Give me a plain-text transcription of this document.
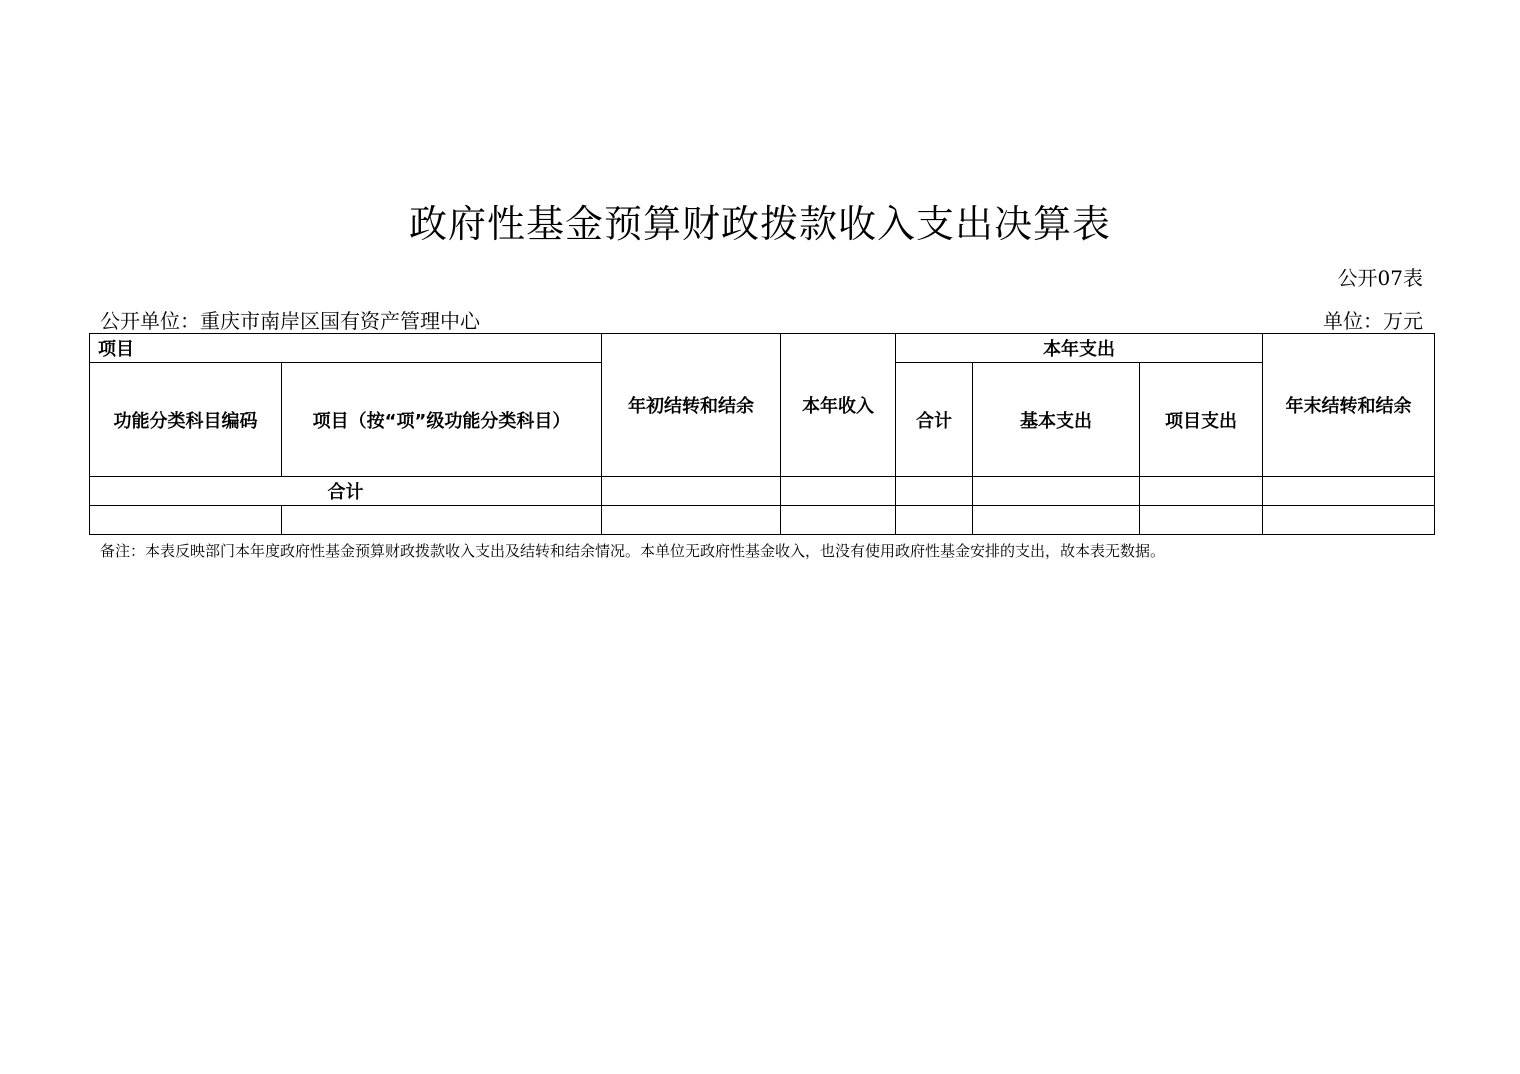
政府性基金预算财政拨款收入支出决算表
公开07表
公开单位：重庆市南岸区国有资产管理中心	单位：万元
项目		年初结转和结余	本年收入	本年支出			年末结转和结余
功能分类科目编码	项目（按“项”级功能分类科目）			合计	基本支出	项目支出	
合计							

备注：本表反映部门本年度政府性基金预算财政拨款收入支出及结转和结余情况。本单位无政府性基金收入，也没有使用政府性基金安排的支出，故本表无数据。
